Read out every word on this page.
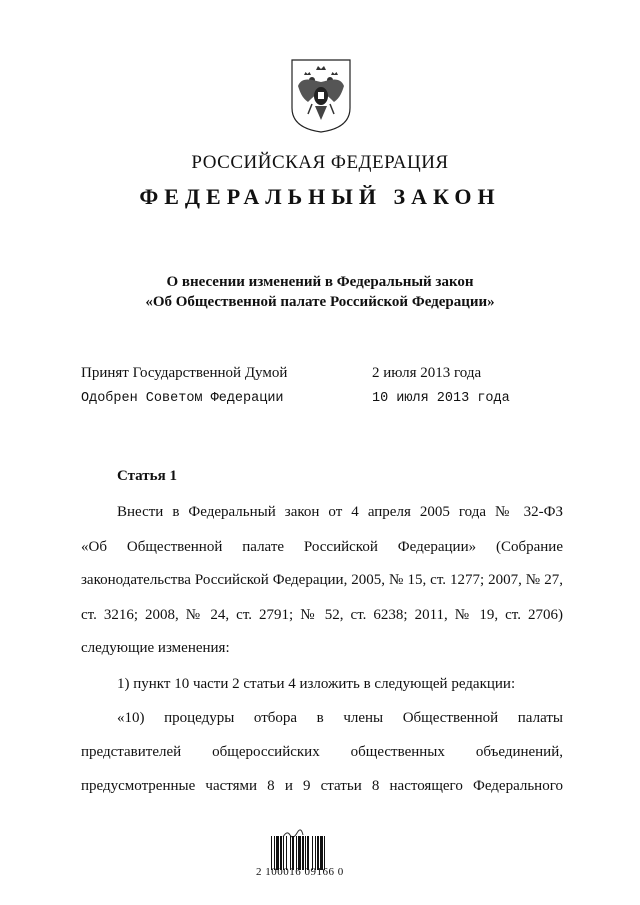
РОССИЙСКАЯ ФЕДЕРАЦИЯ
ФЕДЕРАЛЬНЫЙ ЗАКОН
О внесении изменений в Федеральный закон
«Об Общественной палате Российской Федерации»
Принят Государственной Думой	2 июля 2013 года
Одобрен Советом Федерации	10 июля 2013 года
Статья 1
Внести в Федеральный закон от 4 апреля 2005 года № 32-ФЗ
«Об Общественной палате Российской Федерации» (Собрание
законодательства Российской Федерации, 2005, № 15, ст. 1277; 2007, № 27,
ст. 3216; 2008, № 24, ст. 2791; № 52, ст. 6238; 2011, № 19, ст. 2706)
следующие изменения:
1) пункт 10 части 2 статьи 4 изложить в следующей редакции:
«10) процедуры отбора в члены Общественной палаты
представителей общероссийских общественных объединений,
предусмотренные частями 8 и 9 статьи 8 настоящего Федерального
2 100016 09166 0
